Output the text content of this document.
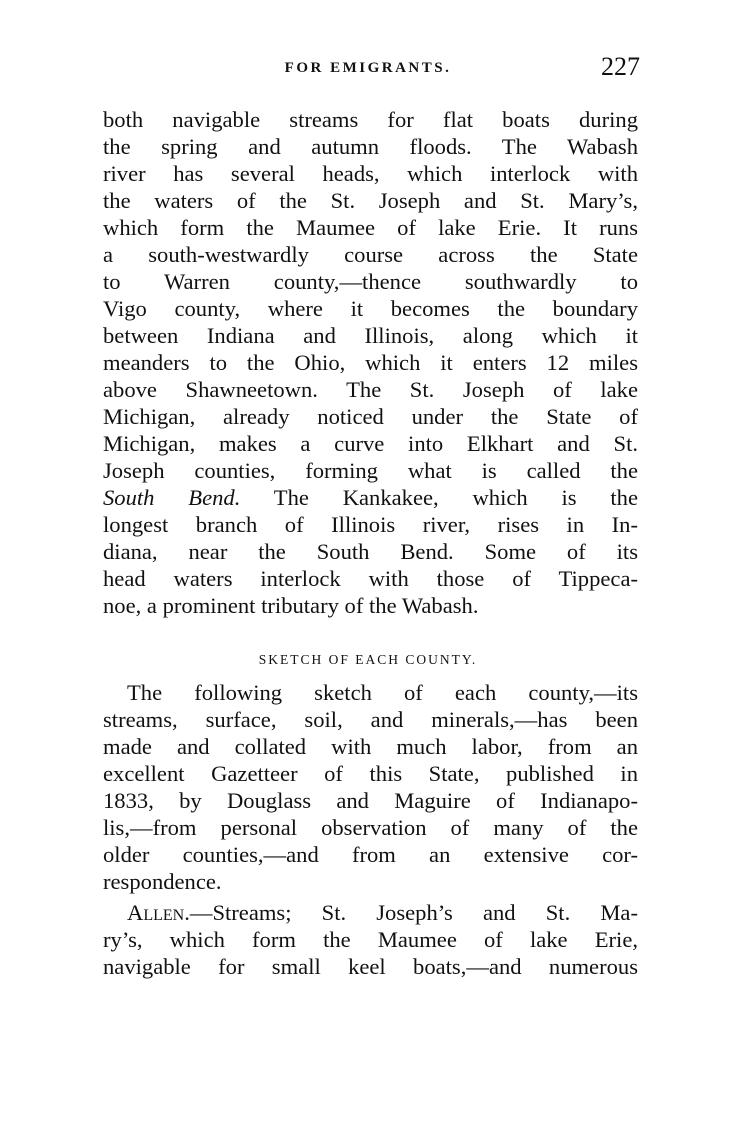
FOR EMIGRANTS.	227
both navigable streams for flat boats during
the spring and autumn floods. The Wabash
river has several heads, which interlock with
the waters of the St. Joseph and St. Mary’s,
which form the Maumee of lake Erie. It runs
a south-westwardly course across the State
to Warren county,—thence southwardly to
Vigo county, where it becomes the boundary
between Indiana and Illinois, along which it
meanders to the Ohio, which it enters 12 miles
above Shawneetown. The St. Joseph of lake
Michigan, already noticed under the State of
Michigan, makes a curve into Elkhart and St.
Joseph counties, forming what is called the
South Bend. The Kankakee, which is the
longest branch of Illinois river, rises in In-
diana, near the South Bend. Some of its
head waters interlock with those of Tippeca-
noe, a prominent tributary of the Wabash.
SKETCH OF EACH COUNTY.
The following sketch of each county,—its
streams, surface, soil, and minerals,—has been
made and collated with much labor, from an
excellent Gazetteer of this State, published in
1833, by Douglass and Maguire of Indianapo-
lis,—from personal observation of many of the
older counties,—and from an extensive cor-
respondence.
Allen.—Streams; St. Joseph’s and St. Ma-
ry’s, which form the Maumee of lake Erie,
navigable for small keel boats,—and numerous
